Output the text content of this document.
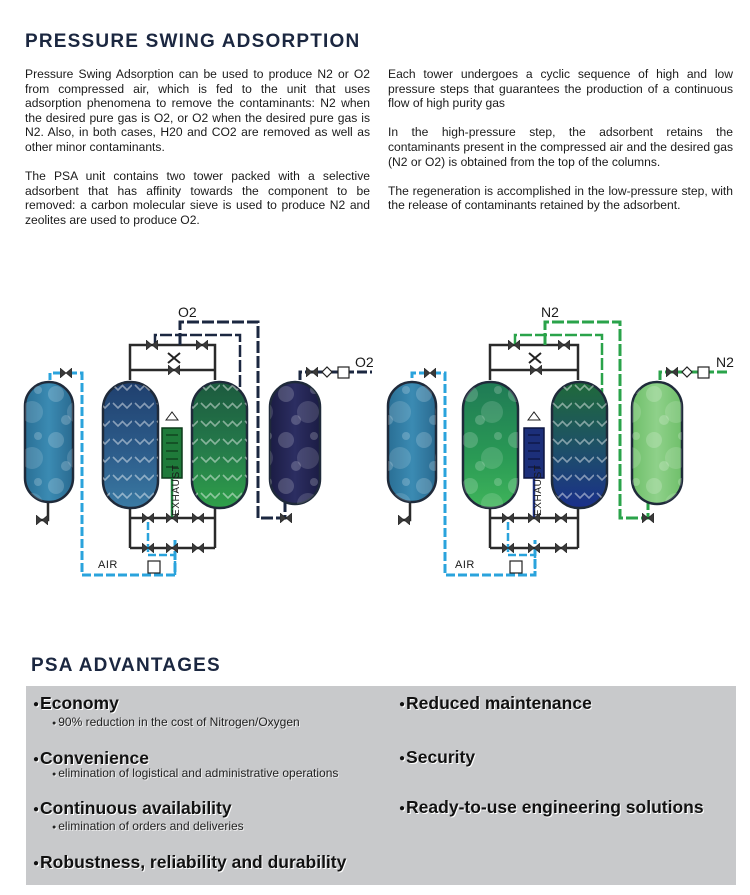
PRESSURE SWING ADSORPTION

Pressure Swing Adsorption can be used to produce N2 or O2 from compressed air, which is fed to the unit that uses adsorption phenomena to remove the contaminants: N2 when the desired pure gas is O2, or O2 when the desired pure gas is N2. Also, in both cases, H20 and CO2 are removed as well as other minor contaminants.

The PSA unit contains two tower packed with a selective adsorbent that has affinity towards the component to be removed: a carbon molecular sieve is used to produce N2 and zeolites are used to produce O2.

Each tower undergoes a cyclic sequence of high and low pressure steps that guarantees the production of a continuous flow of high purity gas

In the high-pressure step, the adsorbent retains the contaminants present in the compressed air and the desired gas (N2 or O2) is obtained from the top of the columns.

The regeneration is accomplished in the low-pressure step, with the release of contaminants retained by the adsorbent.

EXHAUST
O2
O2
AIR
EXHAUST
N2
N2
AIR
PSA ADVANTAGES
● Economy
● 90% reduction in the cost of Nitrogen/Oxygen
● Convenience
● elimination of logistical and administrative operations
● Continuous availability
● elimination of orders and deliveries
● Robustness, reliability and durability
● Reduced maintenance
● Security
● Ready-to-use engineering solutions
